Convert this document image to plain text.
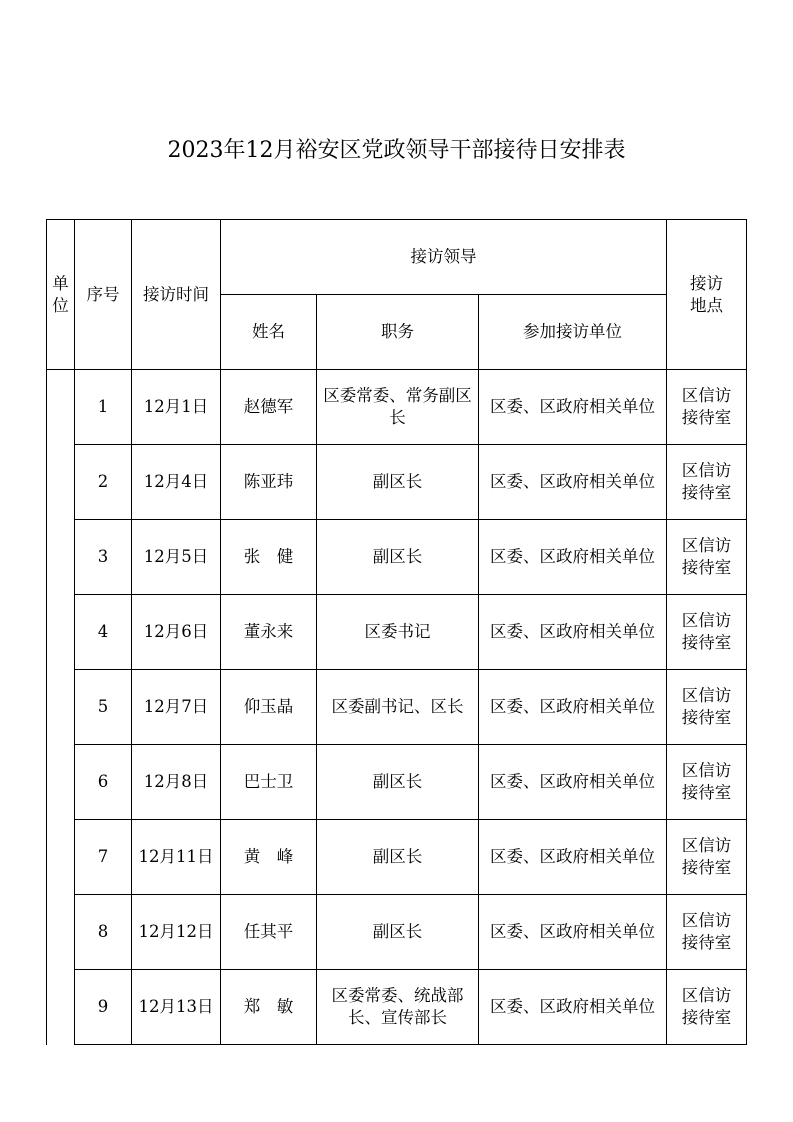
2023年12月裕安区党政领导干部接待日安排表
单位	序号	接访时间	接访领导			接访地点

			姓名	职务	参加接访单位	
	1	12月1日	赵德军	区委常委、常务副区长	区委、区政府相关单位	区信访接待室
	2	12月4日	陈亚玮	副区长	区委、区政府相关单位	区信访接待室
	3	12月5日	张　健	副区长	区委、区政府相关单位	区信访接待室
	4	12月6日	董永来	区委书记	区委、区政府相关单位	区信访接待室
	5	12月7日	仰玉晶	区委副书记、区长	区委、区政府相关单位	区信访接待室
	6	12月8日	巴士卫	副区长	区委、区政府相关单位	区信访接待室
	7	12月11日	黄　峰	副区长	区委、区政府相关单位	区信访接待室
	8	12月12日	任其平	副区长	区委、区政府相关单位	区信访接待室
	9	12月13日	郑　敏	区委常委、统战部长、宣传部长	区委、区政府相关单位	区信访接待室
